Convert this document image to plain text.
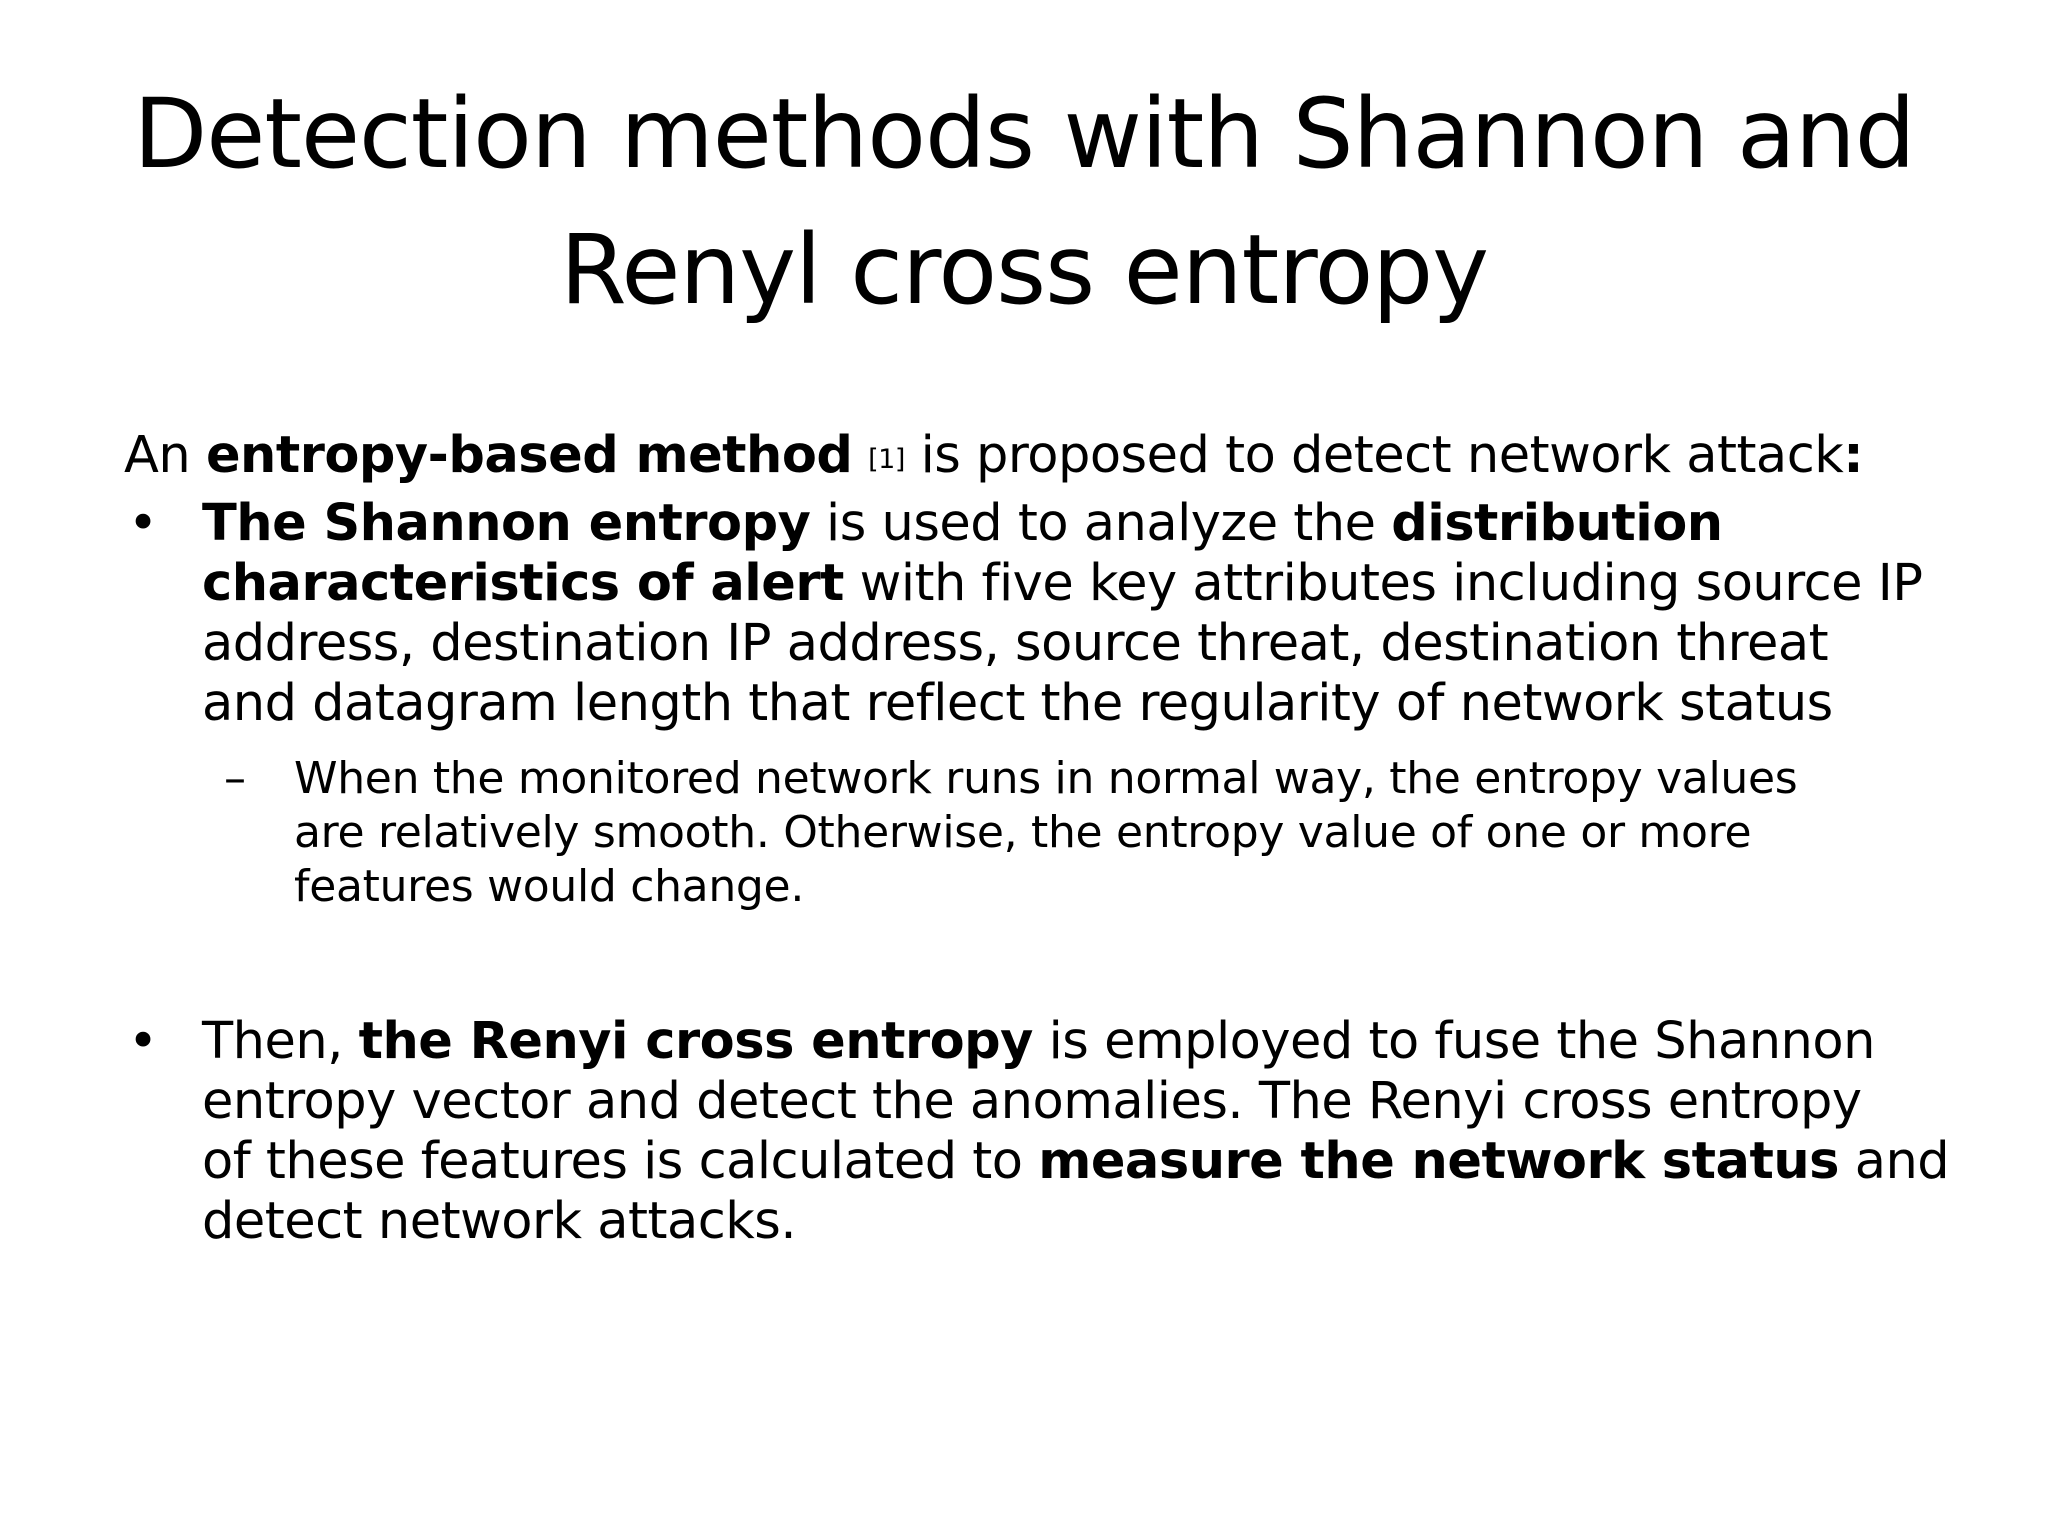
Detection methods with Shannon and
Renyl cross entropy

An entropy-based method [1] is proposed to detect network attack:

• The Shannon entropy is used to analyze the distribution
characteristics of alert with five key attributes including source IP
address, destination IP address, source threat, destination threat
and datagram length that reflect the regularity of network status
– When the monitored network runs in normal way, the entropy values
are relatively smooth. Otherwise, the entropy value of one or more
features would change.
• Then, the Renyi cross entropy is employed to fuse the Shannon
entropy vector and detect the anomalies. The Renyi cross entropy
of these features is calculated to measure the network status and
detect network attacks.
